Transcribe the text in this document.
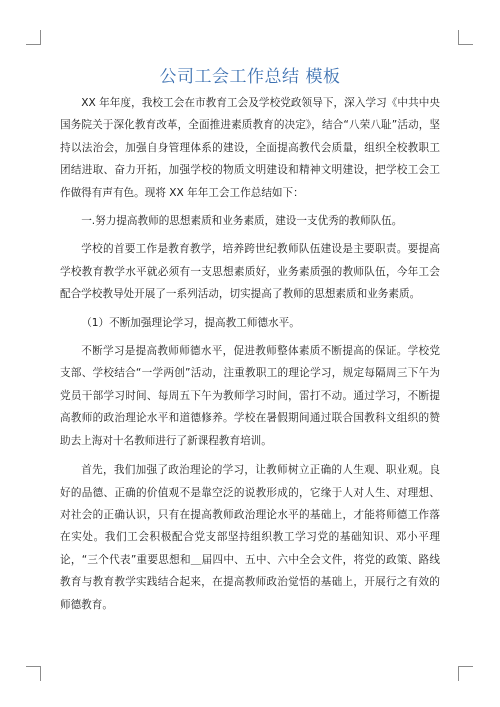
公司工会工作总结 模板

XX 年年度，我校工会在市教育工会及学校党政领导下，深入学习《中共中央国务院关于深化教育改革，全面推进素质教育的决定》，结合“八荣八耻”活动，坚持以法治会，加强自身管理体系的建设，全面提高教代会质量，组织全校教职工团结进取、奋力开拓，加强学校的物质文明建设和精神文明建设，把学校工会工作做得有声有色。现将 XX 年年工会工作总结如下：

一.努力提高教师的思想素质和业务素质，建设一支优秀的教师队伍。

学校的首要工作是教育教学，培养跨世纪教师队伍建设是主要职责。要提高学校教育教学水平就必须有一支思想素质好，业务素质强的教师队伍，今年工会配合学校教导处开展了一系列活动，切实提高了教师的思想素质和业务素质。

（1）不断加强理论学习，提高教工师德水平。

不断学习是提高教师师德水平，促进教师整体素质不断提高的保证。学校党支部、学校结合“一学两创”活动，注重教职工的理论学习，规定每隔周三下午为党员干部学习时间、每周五下午为教师学习时间，雷打不动。通过学习，不断提高教师的政治理论水平和道德修养。学校在暑假期间通过联合国教科文组织的赞助去上海对十名教师进行了新课程教育培训。

首先，我们加强了政治理论的学习，让教师树立正确的人生观、职业观。良好的品德、正确的价值观不是靠空泛的说教形成的，它缘于人对人生、对理想、对社会的正确认识，只有在提高教师政治理论水平的基础上，才能将师德工作落在实处。我们工会积极配合党支部坚持组织教工学习党的基础知识、邓小平理论，“三个代表”重要思想和＿届四中、五中、六中全会文件，将党的政策、路线教育与教育教学实践结合起来，在提高教师政治觉悟的基础上，开展行之有效的师德教育。
